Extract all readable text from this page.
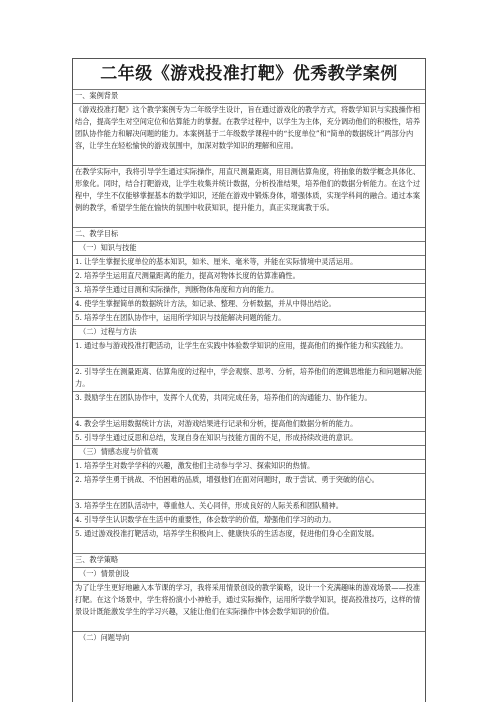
二年级《游戏投准打靶》优秀教学案例
一、案例背景
《游戏投准打靶》这个教学案例专为二年级学生设计，旨在通过游戏化的教学方式，将数学知识与实践操作相结合，提高学生对空间定位和估算能力的掌握。在教学过程中，以学生为主体，充分调动他们的积极性，培养团队协作能力和解决问题的能力。本案例基于二年级数学课程中的“长度单位”和“简单的数据统计”两部分内容，让学生在轻松愉快的游戏氛围中，加深对数学知识的理解和应用。
在教学实际中，我将引导学生通过实际操作，用直尺测量距离，用目测估算角度，将抽象的数学概念具体化、形象化。同时，结合打靶游戏，让学生收集并统计数据，分析投准结果，培养他们的数据分析能力。在这个过程中，学生不仅能够掌握基本的数学知识，还能在游戏中锻炼身体，增强体质，实现学科间的融合。通过本案例的教学，希望学生能在愉快的氛围中收获知识，提升能力，真正实现寓教于乐。
二、教学目标
（一）知识与技能
1. 让学生掌握长度单位的基本知识，如米、厘米、毫米等，并能在实际情境中灵活运用。
2. 培养学生运用直尺测量距离的能力，提高对物体长度的估算准确性。
3. 培养学生通过目测和实际操作，判断物体角度和方向的能力。
4. 使学生掌握简单的数据统计方法，如记录、整理、分析数据，并从中得出结论。
5. 培养学生在团队协作中，运用所学知识与技能解决问题的能力。
（二）过程与方法
1. 通过参与游戏投准打靶活动，让学生在实践中体验数学知识的应用，提高他们的操作能力和实践能力。
2. 引导学生在测量距离、估算角度的过程中，学会观察、思考、分析，培养他们的逻辑思维能力和问题解决能力。
3. 鼓励学生在团队协作中，发挥个人优势，共同完成任务，培养他们的沟通能力、协作能力。
4. 教会学生运用数据统计方法，对游戏结果进行记录和分析，提高他们数据分析的能力。
5. 引导学生通过反思和总结，发现自身在知识与技能方面的不足，形成持续改进的意识。
（三）情感态度与价值观
1. 培养学生对数学学科的兴趣，激发他们主动参与学习、探索知识的热情。
2. 培养学生勇于挑战、不怕困难的品质，增强他们在面对问题时，敢于尝试、勇于突破的信心。
3. 培养学生在团队活动中，尊重他人、关心同伴，形成良好的人际关系和团队精神。
4. 引导学生认识数学在生活中的重要性，体会数学的价值，增强他们学习的动力。
5. 通过游戏投准打靶活动，培养学生积极向上、健康快乐的生活态度，促进他们身心全面发展。
三、教学策略
（一）情景创设
为了让学生更好地融入本节课的学习，我将采用情景创设的教学策略，设计一个充满趣味的游戏场景——投准打靶。在这个场景中，学生将扮演小小神枪手，通过实际操作，运用所学数学知识，提高投准技巧，这样的情景设计既能激发学生的学习兴趣，又能让他们在实际操作中体会数学知识的价值。
（二）问题导向
